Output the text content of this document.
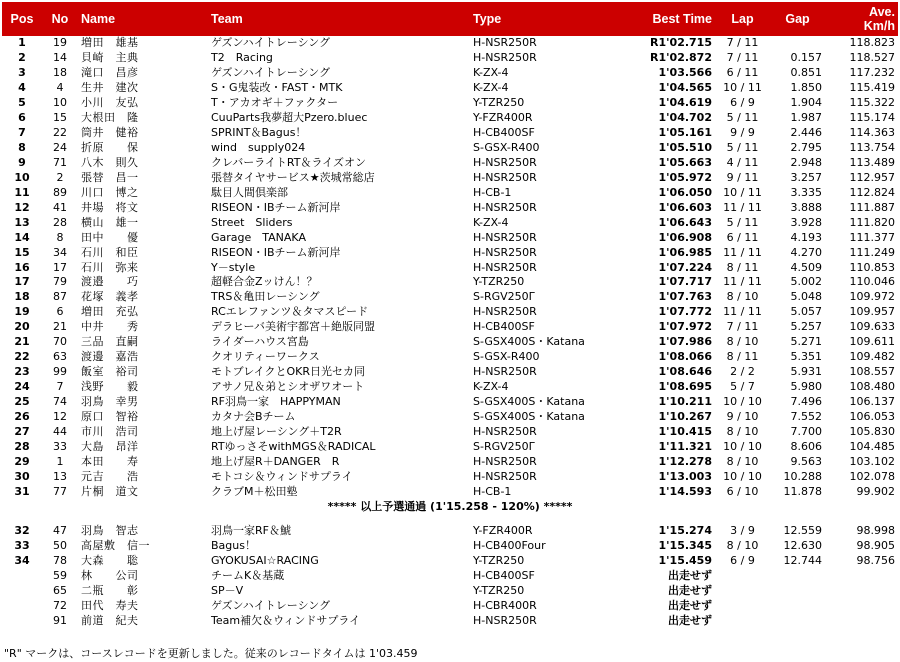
Pos	No	Name	Team	Type	Best Time	Lap	Gap	Ave.
Km/h

1	19	増田　雄基	ゲズンハイトレーシング	H-NSR250R	R1'02.715	7 / 11		118.823
2	14	貝崎　主典	T2　Racing	H-NSR250R	R1'02.872	7 / 11	0.157	118.527
3	18	滝口　昌彦	ゲズンハイトレーシング	K-ZX-4	1'03.566	6 / 11	0.851	117.232
4	4	生井　建次	S・G鬼装改・FAST・MTK	K-ZX-4	1'04.565	10 / 11	1.850	115.419
5	10	小川　友弘	T・アカオギ＋ファクター	Y-TZR250	1'04.619	6 / 9	1.904	115.322
6	15	大根田　隆	CuuParts我夢超大Pzero.bluec	Y-FZR400R	1'04.702	5 / 11	1.987	115.174
7	22	筒井　健裕	SPRINT＆Bagus！	H-CB400SF	1'05.161	9 / 9	2.446	114.363
8	24	折原　　保	wind　supply024	S-GSX-R400	1'05.510	5 / 11	2.795	113.754
9	71	八木　則久	クレバーライトRT＆ライズオン	H-NSR250R	1'05.663	4 / 11	2.948	113.489
10	2	張替　昌一	張替タイヤサービス★茨城常総店	H-NSR250R	1'05.972	9 / 11	3.257	112.957
11	89	川口　博之	駄目人間倶楽部	H-CB-1	1'06.050	10 / 11	3.335	112.824
12	41	井場　将文	RISEON・IBチーム新河岸	H-NSR250R	1'06.603	11 / 11	3.888	111.887
13	28	横山　雄一	Street　Sliders	K-ZX-4	1'06.643	5 / 11	3.928	111.820
14	8	田中　　優	Garage　TANAKA	H-NSR250R	1'06.908	6 / 11	4.193	111.377
15	34	石川　和臣	RISEON・IBチーム新河岸	H-NSR250R	1'06.985	11 / 11	4.270	111.249
16	17	石川　弥来	Y－style	H-NSR250R	1'07.224	8 / 11	4.509	110.853
17	79	渡邉　　巧	超軽合金Zッけん！？	Y-TZR250	1'07.717	11 / 11	5.002	110.046
18	87	花塚　義孝	TRS＆亀田レーシング	S-RGV250Γ	1'07.763	8 / 10	5.048	109.972
19	6	増田　充弘	RCエレファンツ＆タマスピード	H-NSR250R	1'07.772	11 / 11	5.057	109.957
20	21	中井　　秀	デラヒーバ美術宇都宮＋絶版同盟	H-CB400SF	1'07.972	7 / 11	5.257	109.633
21	70	三品　直嗣	ライダーハウス宮島	S-GSX400S・Katana	1'07.986	8 / 10	5.271	109.611
22	63	渡邊　嘉浩	クオリティーワークス	S-GSX-R400	1'08.066	8 / 11	5.351	109.482
23	99	飯室　裕司	モトブレイクとOKR日光セカ同	H-NSR250R	1'08.646	2 / 2	5.931	108.557
24	7	浅野　　毅	アサノ兄＆弟とシオザワオート	K-ZX-4	1'08.695	5 / 7	5.980	108.480
25	74	羽鳥　幸男	RF羽鳥一家　HAPPYMAN	S-GSX400S・Katana	1'10.211	10 / 10	7.496	106.137
26	12	原口　智裕	カタナ会Bチーム	S-GSX400S・Katana	1'10.267	9 / 10	7.552	106.053
27	44	市川　浩司	地上げ屋レーシング＋T2R	H-NSR250R	1'10.415	8 / 10	7.700	105.830
28	33	大島　昂洋	RTゆっさそwithMGS＆RADICAL	S-RGV250Γ	1'11.321	10 / 10	8.606	104.485
29	1	本田　　寿	地上げ屋R＋DANGER　R	H-NSR250R	1'12.278	8 / 10	9.563	103.102
30	13	元吉　　浩	モトコシ＆ウィンドサプライ	H-NSR250R	1'13.003	10 / 10	10.288	102.078
31	77	片桐　道文	クラブM＋松田塾	H-CB-1	1'14.593	6 / 10	11.878	99.902
***** 以上予選通過 (1'15.258 - 120%) *****								

32	47	羽鳥　智志	羽鳥一家RF＆鯱	Y-FZR400R	1'15.274	3 / 9	12.559	98.998
33	50	高屋敷　信一	Bagus！	H-CB400Four	1'15.345	8 / 10	12.630	98.905
34	78	大森　　聡	GYOKUSAI☆RACING	Y-TZR250	1'15.459	6 / 9	12.744	98.756
	59	林　　公司	チームK＆基蔵	H-CB400SF	出走せず			
	65	二瓶　　彰	SP－V	Y-TZR250	出走せず			
	72	田代　寿夫	ゲズンハイトレーシング	H-CBR400R	出走せず			
	91	前道　紀夫	Team補欠＆ウィンドサプライ	H-NSR250R	出走せず			
"R" マークは、コースレコードを更新しました。従来のレコードタイムは 1'03.459
